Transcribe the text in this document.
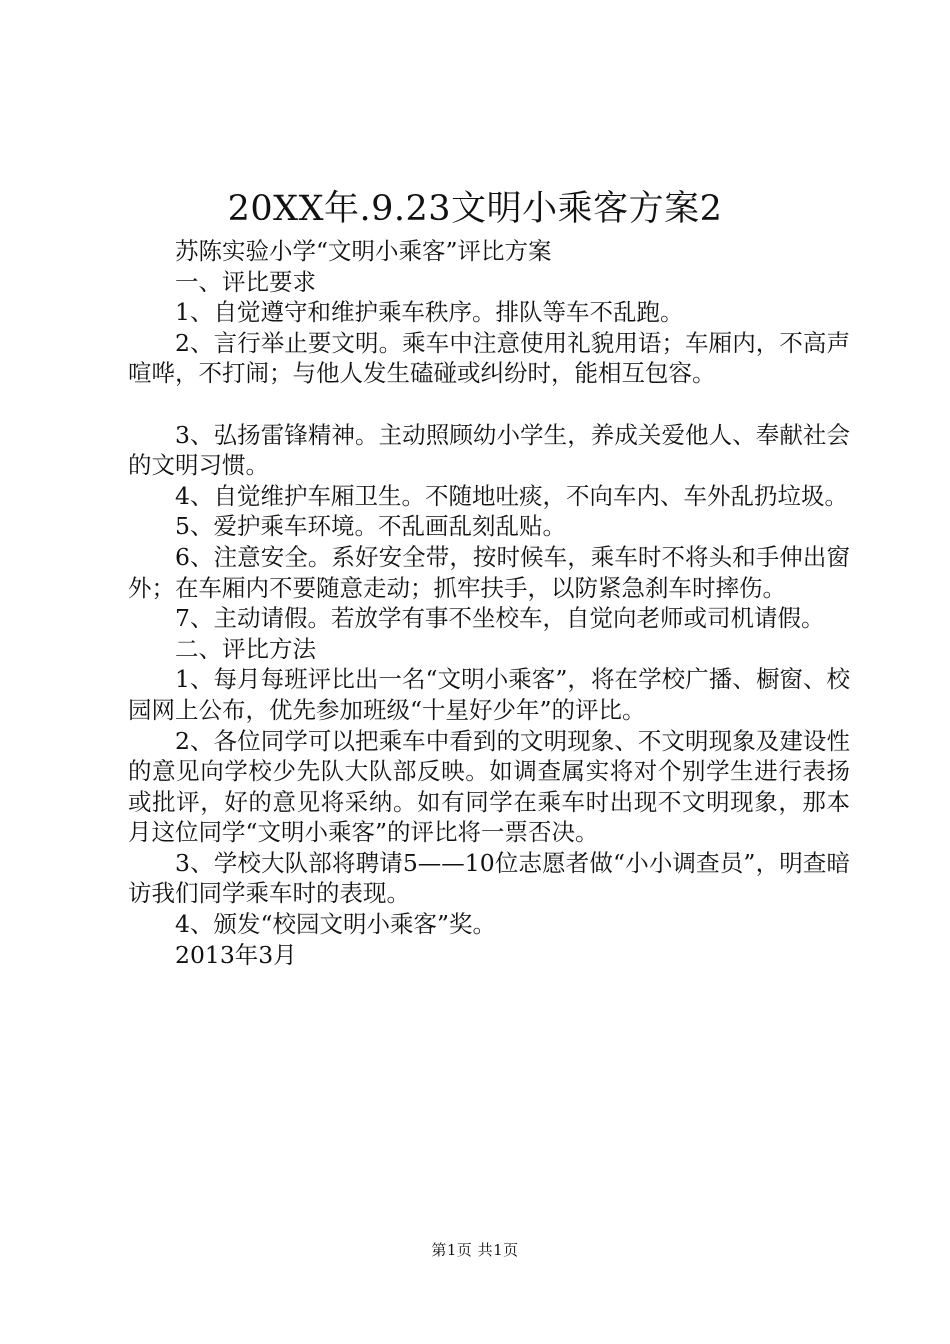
20XX年.9.23文明小乘客方案2

苏陈实验小学“文明小乘客”评比方案

一、评比要求

1、自觉遵守和维护乘车秩序。排队等车不乱跑。

2、言行举止要文明。乘车中注意使用礼貌用语；车厢内，不高声喧哗，不打闹；与他人发生磕碰或纠纷时，能相互包容。

3、弘扬雷锋精神。主动照顾幼小学生，养成关爱他人、奉献社会的文明习惯。

4、自觉维护车厢卫生。不随地吐痰，不向车内、车外乱扔垃圾。

5、爱护乘车环境。不乱画乱刻乱贴。

6、注意安全。系好安全带，按时候车，乘车时不将头和手伸出窗外；在车厢内不要随意走动；抓牢扶手，以防紧急刹车时摔伤。

7、主动请假。若放学有事不坐校车，自觉向老师或司机请假。

二、评比方法

1、每月每班评比出一名“文明小乘客”，将在学校广播、橱窗、校园网上公布，优先参加班级“十星好少年”的评比。

2、各位同学可以把乘车中看到的文明现象、不文明现象及建设性的意见向学校少先队大队部反映。如调查属实将对个别学生进行表扬或批评，好的意见将采纳。如有同学在乘车时出现不文明现象，那本月这位同学“文明小乘客”的评比将一票否决。

3、学校大队部将聘请5——10位志愿者做“小小调查员”，明查暗访我们同学乘车时的表现。

4、颁发“校园文明小乘客”奖。

2013年3月

第1页 共1页
